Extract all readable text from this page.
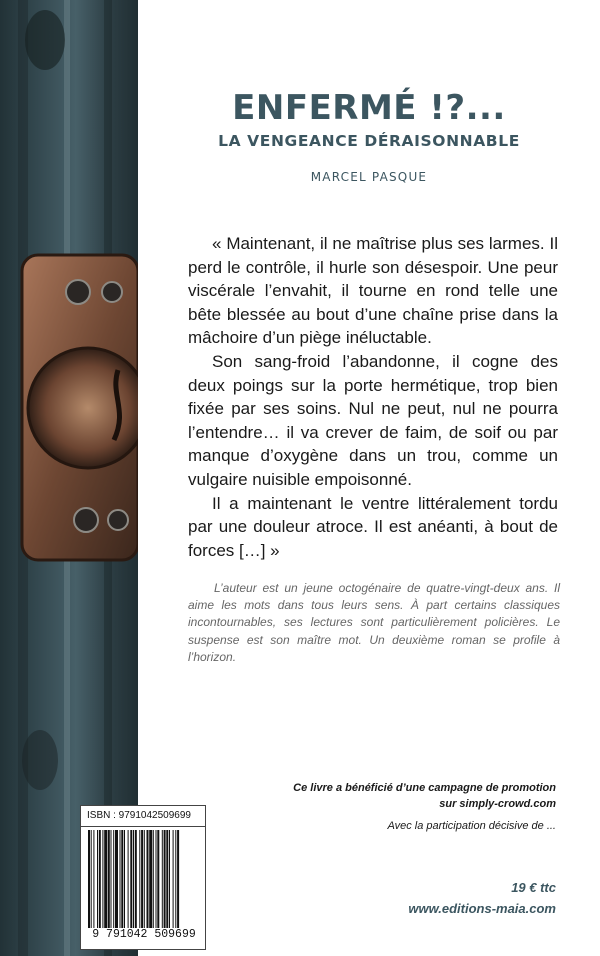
ENFERMÉ !?...
LA VENGEANCE DÉRAISONNABLE
MARCEL PASQUE

« Maintenant, il ne maîtrise plus ses larmes. Il perd le contrôle, il hurle son désespoir. Une peur viscérale l’envahit, il tourne en rond telle une bête blessée au bout d’une chaîne prise dans la mâchoire d’un piège inéluctable.

Son sang-froid l’abandonne, il cogne des deux poings sur la porte hermétique, trop bien fixée par ses soins. Nul ne peut, nul ne pourra l’entendre… il va crever de faim, de soif ou par manque d’oxygène dans un trou, comme un vulgaire nuisible empoisonné.

Il a maintenant le ventre littéralement tordu par une douleur atroce. Il est anéanti, à bout de forces […] »

L’auteur est un jeune octogénaire de quatre-vingt-deux ans. Il aime les mots dans tous leurs sens. À part certains classiques incontournables, ses lectures sont particulièrement policières. Le suspense est son maître mot. Un deuxième roman se profile à l’horizon.

Ce livre a bénéficié d’une campagne de promotion
sur simply-crowd.com

Avec la participation décisive de ...

19 € ttc

www.editions-maia.com

ISBN : 9791042509699
9 791042 509699
